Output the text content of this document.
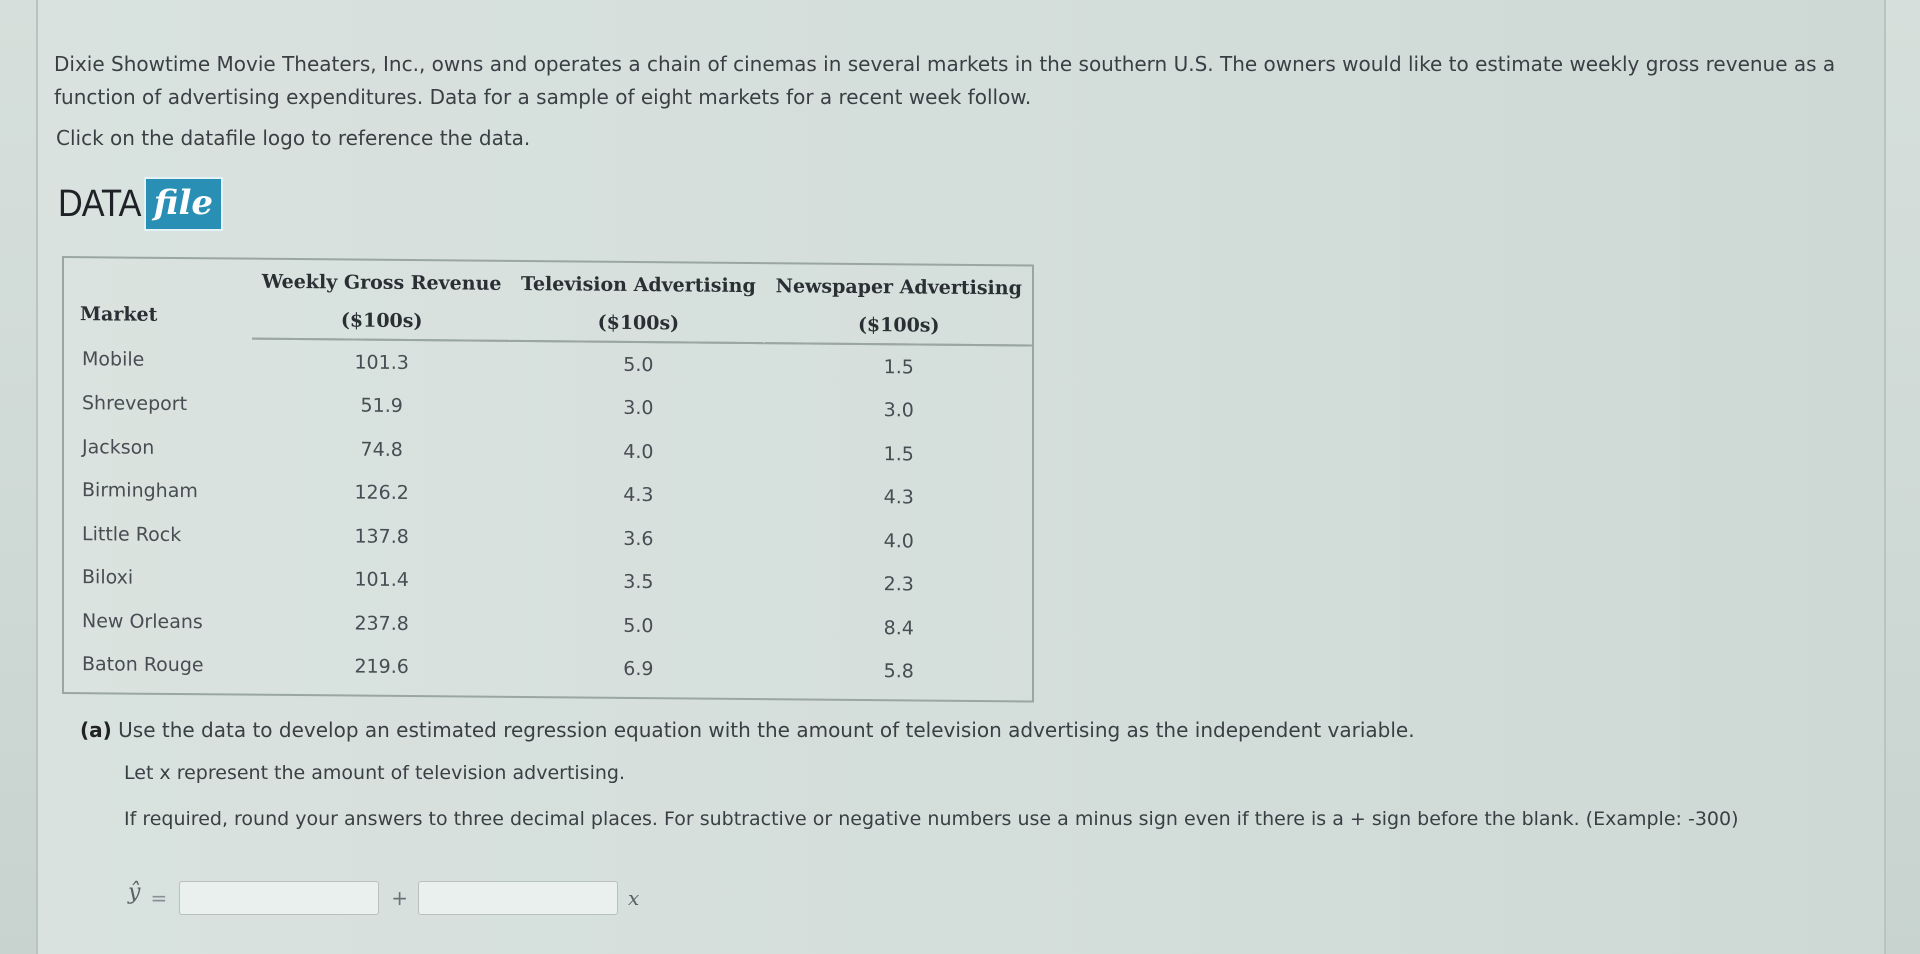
Dixie Showtime Movie Theaters, Inc., owns and operates a chain of cinemas in several markets in the southern U.S. The owners would like to estimate weekly gross revenue as a function of advertising expenditures. Data for a sample of eight markets for a recent week follow.

Click on the datafile logo to reference the data.
DATA file
Market	Weekly Gross Revenue	Television Advertising	Newspaper Advertising
	($100s)	($100s)	($100s)
Mobile	101.3	5.0	1.5
Shreveport	51.9	3.0	3.0
Jackson	74.8	4.0	1.5
Birmingham	126.2	4.3	4.3
Little Rock	137.8	3.6	4.0
Biloxi	101.4	3.5	2.3
New Orleans	237.8	5.0	8.4
Baton Rouge	219.6	6.9	5.8
(a) Use the data to develop an estimated regression equation with the amount of television advertising as the independent variable.
Let x represent the amount of television advertising.
If required, round your answers to three decimal places. For subtractive or negative numbers use a minus sign even if there is a + sign before the blank. (Example: -300)
ŷ =	+	x
